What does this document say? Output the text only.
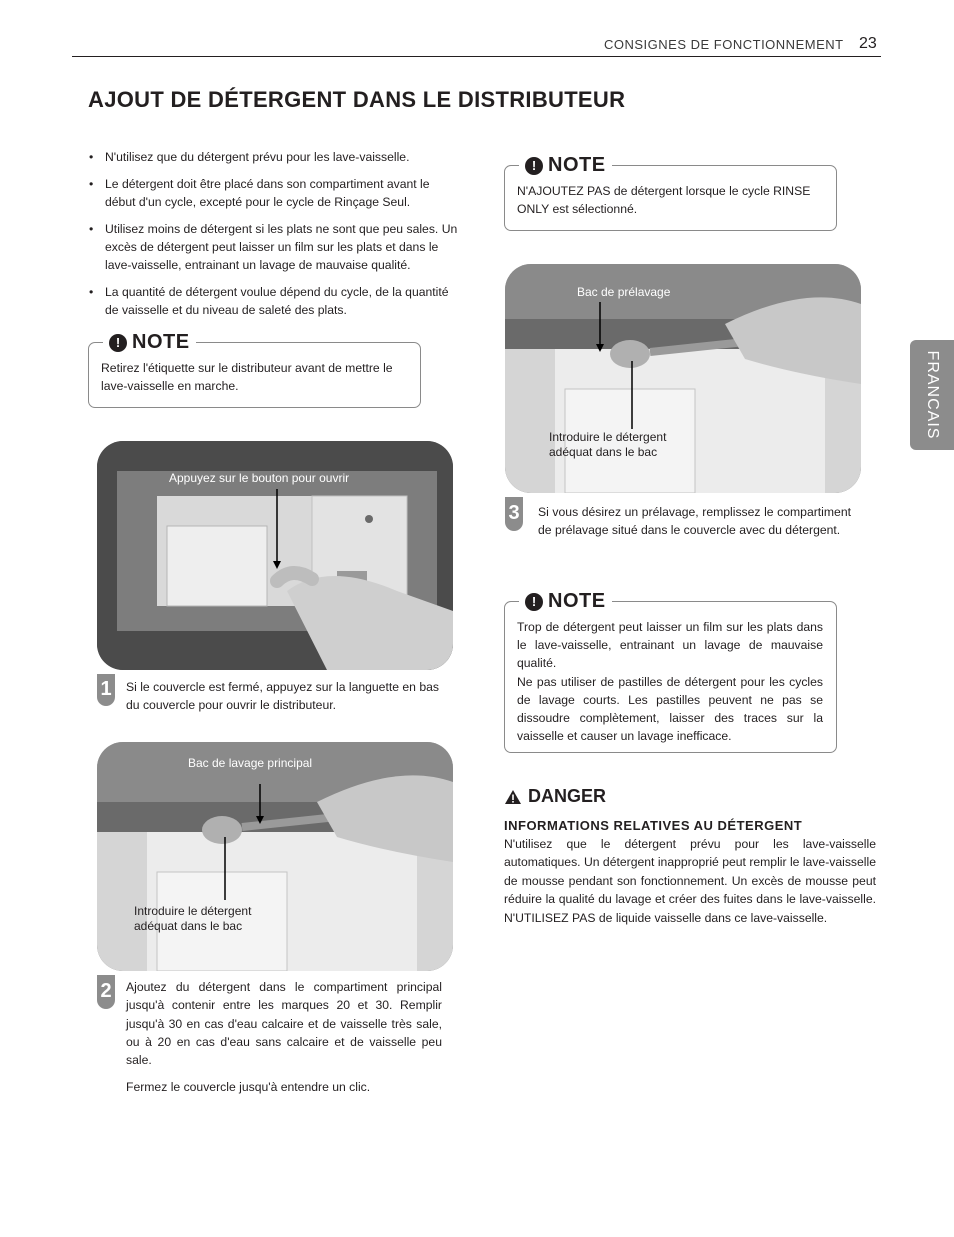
CONSIGNES DE FONCTIONNEMENT 23
AJOUT DE DÉTERGENT DANS LE DISTRIBUTEUR
FRANCAIS
• N'utilisez que du détergent prévu pour les lave-vaisselle.
• Le détergent doit être placé dans son compartiment avant le début d'un cycle, excepté pour le cycle de Rinçage Seul.
• Utilisez moins de détergent si les plats ne sont que peu sales. Un excès de détergent peut laisser un film sur les plats et dans le lave-vaisselle, entrainant un lavage de mauvaise qualité.
• La quantité de détergent voulue dépend du cycle, de la quantité de vaisselle et du niveau de saleté des plats.
! NOTE
Retirez l'étiquette sur le distributeur avant de mettre le lave-vaisselle en marche.
! NOTE
N'AJOUTEZ PAS de détergent lorsque le cycle RINSE ONLY est sélectionné.
Appuyez sur le bouton pour ouvrir
1 Si le couvercle est fermé, appuyez sur la languette en bas du couvercle pour ouvrir le distributeur.
Bac de lavage principal
Introduire le détergent adéquat dans le bac
2 Ajoutez du détergent dans le compartiment principal jusqu'à contenir entre les marques 20 et 30. Remplir jusqu'à 30 en cas d'eau calcaire et de vaisselle très sale, ou à 20 en cas d'eau sans calcaire et de vaisselle peu sale.
Fermez le couvercle jusqu'à entendre un clic.
Bac de prélavage
Introduire le détergent adéquat dans le bac
3 Si vous désirez un prélavage, remplissez le compartiment de prélavage situé dans le couvercle avec du détergent.
! NOTE
Trop de détergent peut laisser un film sur les plats dans le lave-vaisselle, entrainant un lavage de mauvaise qualité.
Ne pas utiliser de pastilles de détergent pour les cycles de lavage courts. Les pastilles peuvent ne pas se dissoudre complètement, laisser des traces sur la vaisselle et causer un lavage inefficace.
DANGER
INFORMATIONS RELATIVES AU DÉTERGENT
N'utilisez que le détergent prévu pour les lave-vaisselle automatiques. Un détergent inapproprié peut remplir le lave-vaisselle de mousse pendant son fonctionnement. Un excès de mousse peut réduire la qualité du lavage et créer des fuites dans le lave-vaisselle. N'UTILISEZ PAS de liquide vaisselle dans ce lave-vaisselle.
